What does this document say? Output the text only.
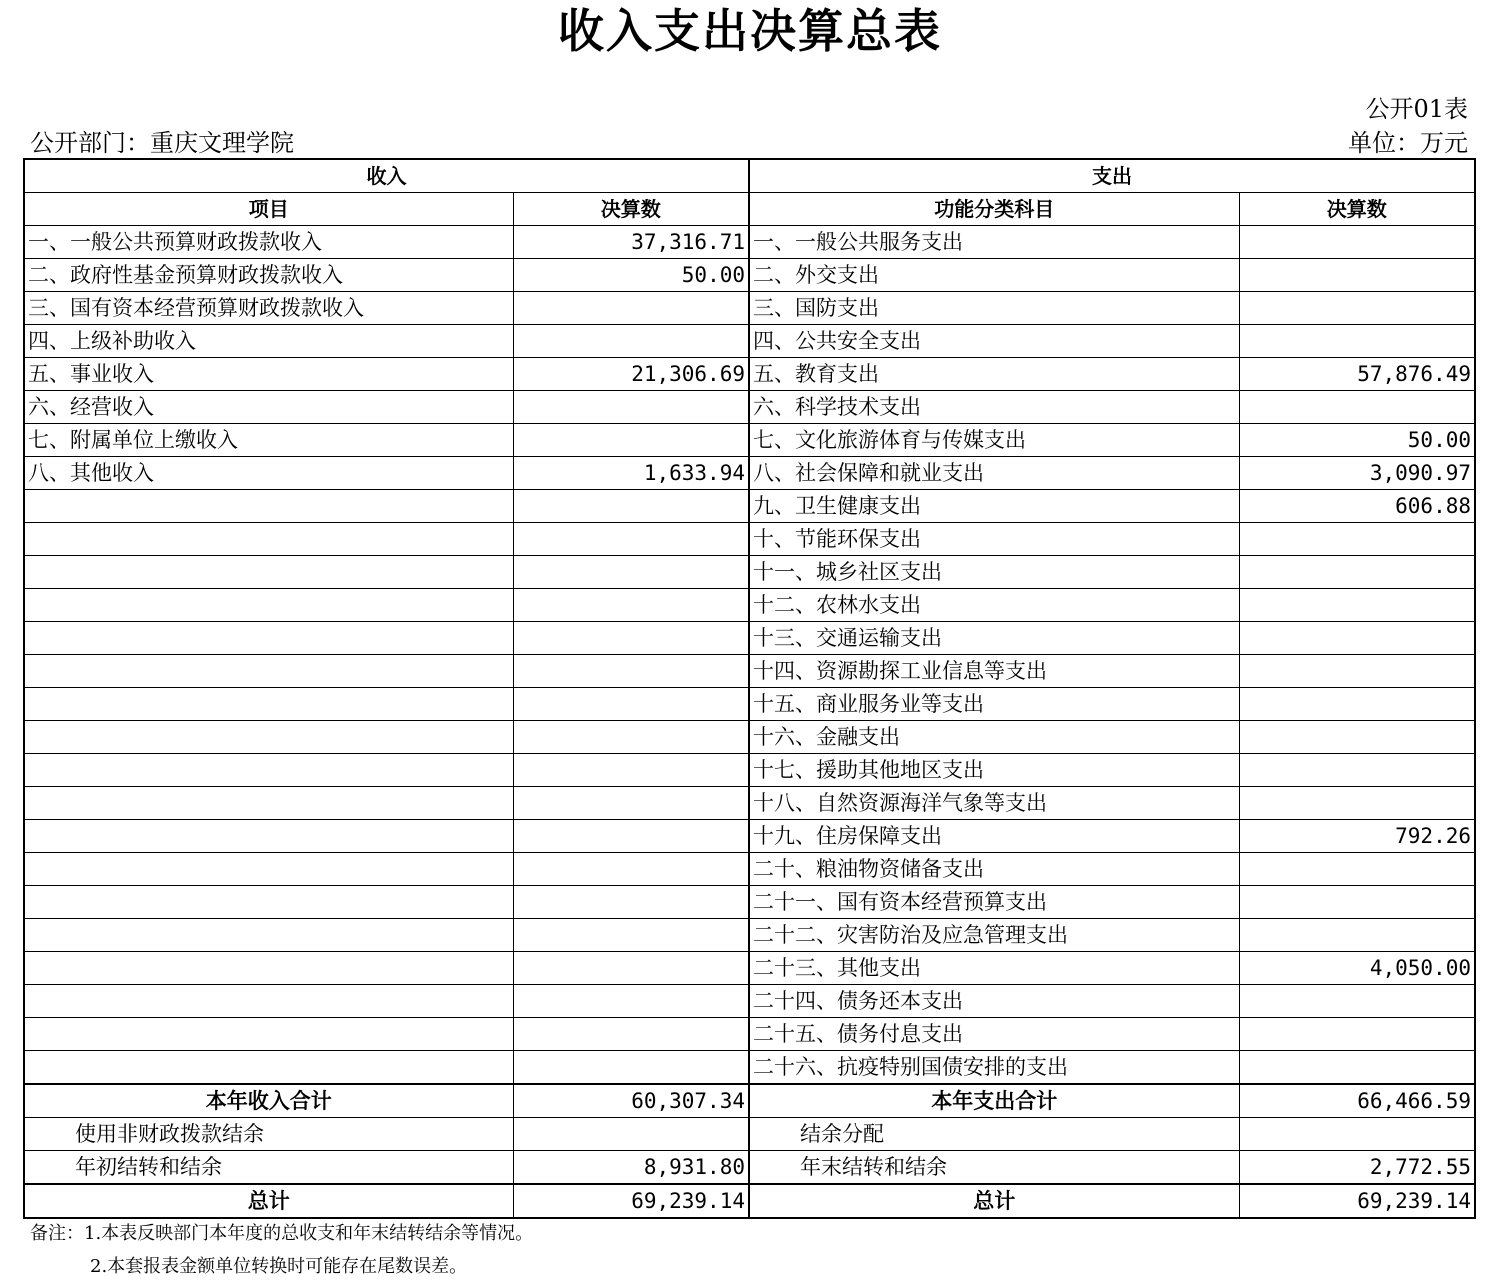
收入支出决算总表
公开01表
公开部门：重庆文理学院	单位：万元
收入		支出	
项目	决算数	功能分类科目	决算数
一、一般公共预算财政拨款收入	37,316.71	一、一般公共服务支出	
二、政府性基金预算财政拨款收入	50.00	二、外交支出	
三、国有资本经营预算财政拨款收入		三、国防支出	
四、上级补助收入		四、公共安全支出	
五、事业收入	21,306.69	五、教育支出	57,876.49
六、经营收入		六、科学技术支出	
七、附属单位上缴收入		七、文化旅游体育与传媒支出	50.00
八、其他收入	1,633.94	八、社会保障和就业支出	3,090.97
		九、卫生健康支出	606.88
		十、节能环保支出	
		十一、城乡社区支出	
		十二、农林水支出	
		十三、交通运输支出	
		十四、资源勘探工业信息等支出	
		十五、商业服务业等支出	
		十六、金融支出	
		十七、援助其他地区支出	
		十八、自然资源海洋气象等支出	
		十九、住房保障支出	792.26
		二十、粮油物资储备支出	
		二十一、国有资本经营预算支出	
		二十二、灾害防治及应急管理支出	
		二十三、其他支出	4,050.00
		二十四、债务还本支出	
		二十五、债务付息支出	
		二十六、抗疫特别国债安排的支出	
本年收入合计	60,307.34	本年支出合计	66,466.59
使用非财政拨款结余		结余分配	
年初结转和结余	8,931.80	年末结转和结余	2,772.55
总计	69,239.14	总计	69,239.14
备注：1.本表反映部门本年度的总收支和年末结转结余等情况。
2.本套报表金额单位转换时可能存在尾数误差。
